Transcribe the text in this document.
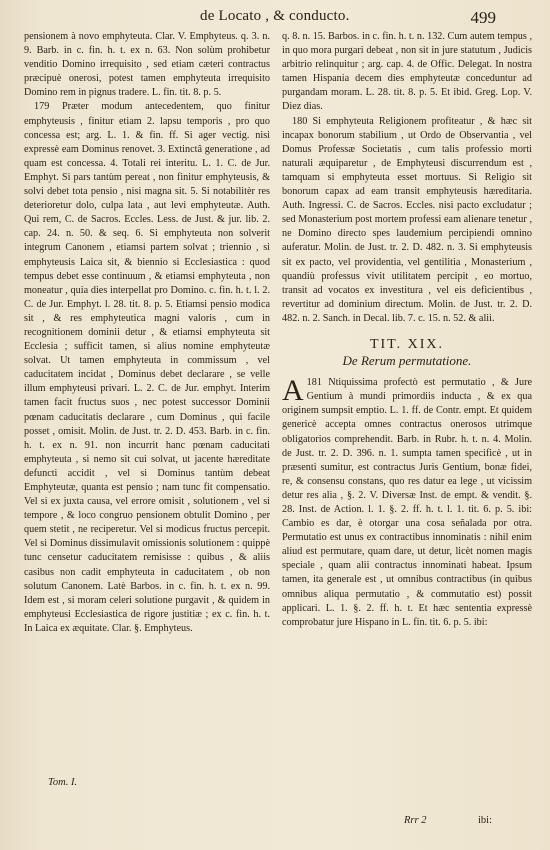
de Locato , & conducto.	499

pensionem à novo emphyteuta. Clar. V. Emphyteus. q. 3. n. 9. Barb. in c. fin. h. t. ex n. 63. Non solùm prohibetur venditio Domino irrequisito , sed etiam cæteri contractus præcipuè onerosi, potest tamen emphyteuta irrequisito Domino rem in pignus tradere. L. fin. tit. 8. p. 5.

179 Præter modum antecedentem, quo finitur emphyteusis , finitur etiam 2. lapsu temporis , pro quo concessa est; arg. L. 1. & fin. ff. Si ager vectig. nisi expressè eam Dominus renovet. 3. Extinctâ generatione , ad quam est concessa. 4. Totali rei interitu. L. 1. C. de Jur. Emphyt. Si pars tantùm pereat , non finitur emphyteusis, & solvi debet tota pensio , nisi magna sit. 5. Si notabilitèr res deterioretur dolo, culpa lata , aut levi emphyteutæ. Auth. Qui rem, C. de Sacros. Eccles. Less. de Just. & jur. lib. 2. cap. 24. n. 50. & seq. 6. Si emphyteuta non solverit integrum Canonem , etiamsi partem solvat ; triennio , si emphyteusis Laica sit, & biennio si Ecclesiastica : quod tempus debet esse continuum , & etiamsi emphyteuta , non moneatur , quia dies interpellat pro Domino. c. fin. h. t. l. 2. C. de Jur. Emphyt. l. 28. tit. 8. p. 5. Etiamsi pensio modica sit , & res emphyteutica magni valoris , cum in recognitionem dominii detur , & etiamsi emphyteuta sit Ecclesia ; sufficit tamen, si alius nomine emphyteutæ solvat. Ut tamen emphyteuta in commissum , vel caducitatem incidat , Dominus debet declarare , se velle illum emphyteusi privari. L. 2. C. de Jur. emphyt. Interim tamen facit fructus suos , nec potest successor Dominii pœnam caducitatis declarare , cum Dominus , qui facile posset , omisit. Molin. de Just. tr. 2. D. 453. Barb. in c. fin. h. t. ex n. 91. non incurrit hanc pœnam caducitati emphyteuta , si nemo sit cui solvat, ut jacente hæreditate defuncti accidit , vel si Dominus tantùm debeat Emphyteutæ, quanta est pensio ; nam tunc fit compensatio. Vel si ex juxta causa, vel errore omisit , solutionem , vel si tempore , & loco congruo pensionem obtulit Domino , per quem stetit , ne reciperetur. Vel si modicus fructus percepit. Vel si Dominus dissimulavit omissionis solutionem : quippè tunc censetur caducitatem remisisse : quibus , & aliis casibus non cadit emphyteuta in caducitatem , ob non solutum Canonem. Latè Barbos. in c. fin. h. t. ex n. 99. Idem est , si moram celeri solutione purgavit , & quidem in emphyteusi Ecclesiastica de rigore justitiæ ; ex c. fin. h. t. In Laica ex æquitate. Clar. §. Emphyteus.

q. 8. n. 15. Barbos. in c. fin. h. t. n. 132. Cum autem tempus , in quo mora purgari debeat , non sit in jure statutum , Judicis arbitrio relinquitur ; arg. cap. 4. de Offic. Delegat. In nostra tamen Hispania decem dies emphyteutæ conceduntur ad purgandam moram. L. 28. tit. 8. p. 5. Et ibid. Greg. Lop. V. Diez dias.

180 Si emphyteuta Religionem profiteatur , & hæc sit incapax bonorum stabilium , ut Ordo de Observantia , vel Domus Professæ Societatis , cum talis professio morti naturali æquiparetur , de Emphyteusi discurrendum est , tamquam si emphyteuta esset mortuus. Si Religio sit bonorum capax ad eam transit emphyteusis hæreditaria. Auth. Ingressi. C. de Sacros. Eccles. nisi pacto excludatur ; sed Monasterium post mortem professi eam alienare tenetur , ne Domino directo spes laudemium percipiendi omnino auferatur. Molin. de Just. tr. 2. D. 482. n. 3. Si emphyteusis sit ex pacto, vel providentia, vel gentilitia , Monasterium , quandiù professus vivit utilitatem percipit , eo mortuo, transit ad vocatos ex investitura , vel eis deficientibus , revertitur ad dominium directum. Molin. de Just. tr. 2. D. 482. n. 2. Sanch. in Decal. lib. 7. c. 15. n. 52. & alii.

TIT. XIX.
De Rerum permutatione.

181
A Ntiquissima profectò est permutatio , & Jure Gentium à mundi primordiis inducta , & ex qua originem sumpsit emptio. L. 1. ff. de Contr. empt. Et quidem genericè accepta omnes contractus onerosos utrimque obligatorios comprehendit. Barb. in Rubr. h. t. n. 4. Molin. de Just. tr. 2. D. 396. n. 1. sumpta tamen specificè , ut in præsenti sumitur, est contractus Juris Gentium, bonæ fidei, re, & consensu constans, quo res datur ea lege , ut vicissim detur res alia , §. 2. V. Diversæ Inst. de empt. & vendit. §. 28. Inst. de Action. l. 1. §. 2. ff. h. t. l. 1. tit. 6. p. 5. ibi: Cambio es dar, è otorgar una cosa señalada por otra. Permutatio est unus ex contractibus innominatis : nihil enim aliud est permutare, quam dare, ut detur, licèt nomen magis speciale , quam alii contractus innominati habeat. Ipsum tamen, ita generale est , ut omnibus contractibus (in quibus omnibus aliqua permutatio , & commutatio est) possit applicari. L. 1. §. 2. ff. h. t. Et hæc sententia expressè comprobatur jure Hispano in L. fin. tit. 6. p. 5. ibi:

Tom. I.
Rrr 2	ibi:
